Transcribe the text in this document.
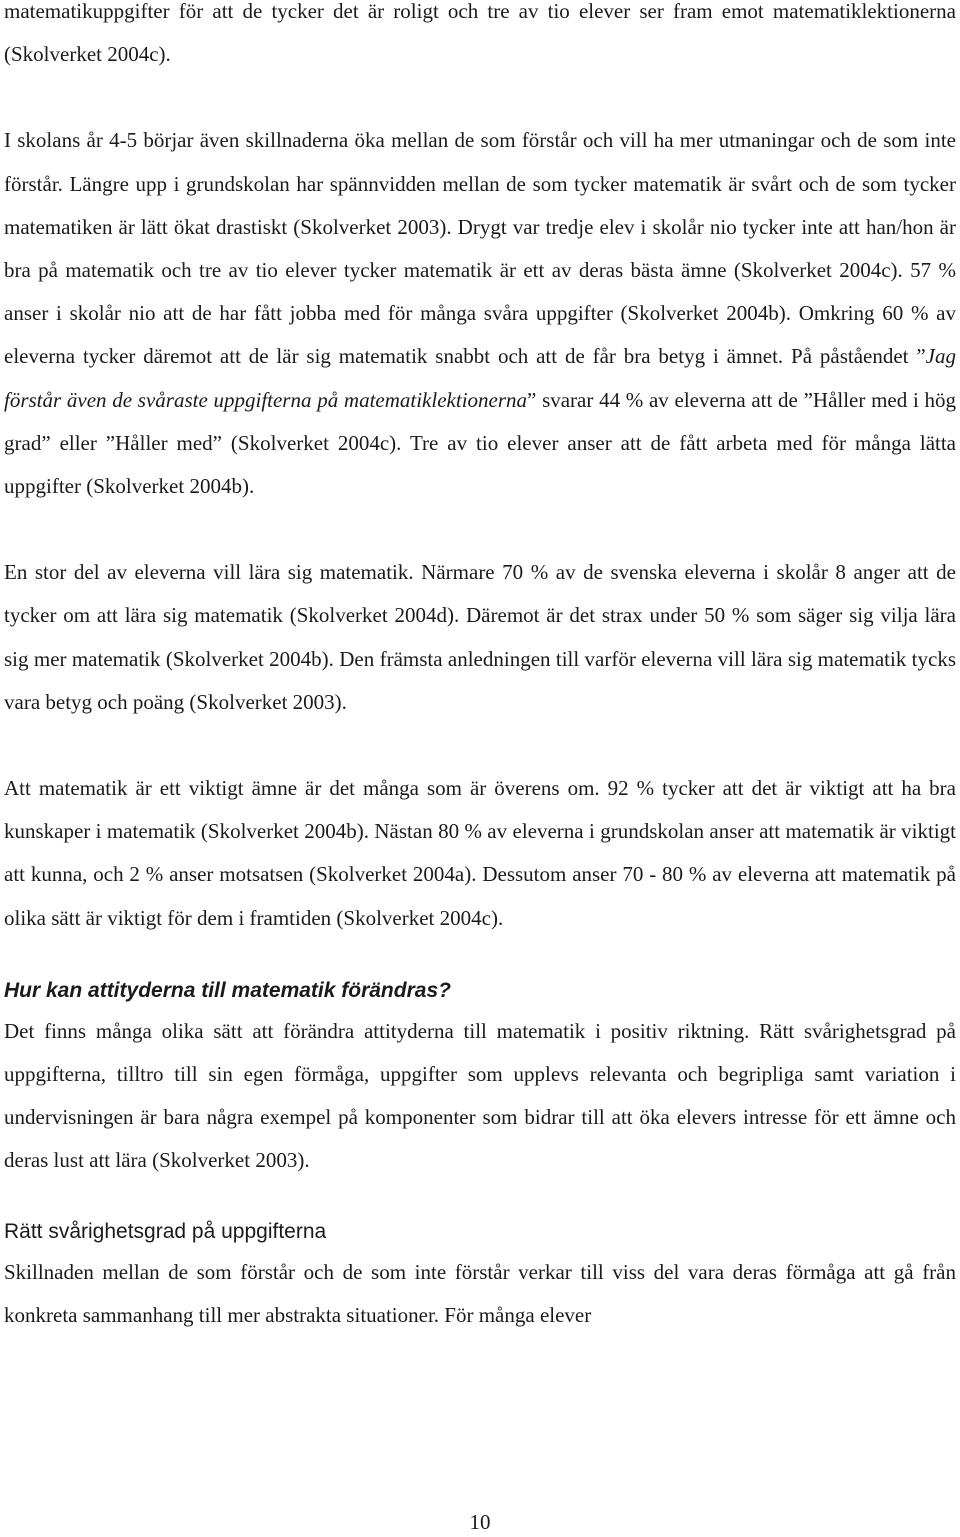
matematikuppgifter för att de tycker det är roligt och tre av tio elever ser fram emot matematiklektionerna (Skolverket 2004c).

I skolans år 4-5 börjar även skillnaderna öka mellan de som förstår och vill ha mer utmaningar och de som inte förstår. Längre upp i grundskolan har spännvidden mellan de som tycker matematik är svårt och de som tycker matematiken är lätt ökat drastiskt (Skolverket 2003). Drygt var tredje elev i skolår nio tycker inte att han/hon är bra på matematik och tre av tio elever tycker matematik är ett av deras bästa ämne (Skolverket 2004c). 57 % anser i skolår nio att de har fått jobba med för många svåra uppgifter (Skolverket 2004b). Omkring 60 % av eleverna tycker däremot att de lär sig matematik snabbt och att de får bra betyg i ämnet. På påståendet ”Jag förstår även de svåraste uppgifterna på matematiklektionerna” svarar 44 % av eleverna att de ”Håller med i hög grad” eller ”Håller med” (Skolverket 2004c). Tre av tio elever anser att de fått arbeta med för många lätta uppgifter (Skolverket 2004b).

En stor del av eleverna vill lära sig matematik. Närmare 70 % av de svenska eleverna i skolår 8 anger att de tycker om att lära sig matematik (Skolverket 2004d). Däremot är det strax under 50 % som säger sig vilja lära sig mer matematik (Skolverket 2004b). Den främsta anledningen till varför eleverna vill lära sig matematik tycks vara betyg och poäng (Skolverket 2003).

Att matematik är ett viktigt ämne är det många som är överens om. 92 % tycker att det är viktigt att ha bra kunskaper i matematik (Skolverket 2004b). Nästan 80 % av eleverna i grundskolan anser att matematik är viktigt att kunna, och 2 % anser motsatsen (Skolverket 2004a). Dessutom anser 70 - 80 % av eleverna att matematik på olika sätt är viktigt för dem i framtiden (Skolverket 2004c).

Hur kan attityderna till matematik förändras?

Det finns många olika sätt att förändra attityderna till matematik i positiv riktning. Rätt svårighetsgrad på uppgifterna, tilltro till sin egen förmåga, uppgifter som upplevs relevanta och begripliga samt variation i undervisningen är bara några exempel på komponenter som bidrar till att öka elevers intresse för ett ämne och deras lust att lära (Skolverket 2003).

Rätt svårighetsgrad på uppgifterna

Skillnaden mellan de som förstår och de som inte förstår verkar till viss del vara deras förmåga att gå från konkreta sammanhang till mer abstrakta situationer. För många elever

10
